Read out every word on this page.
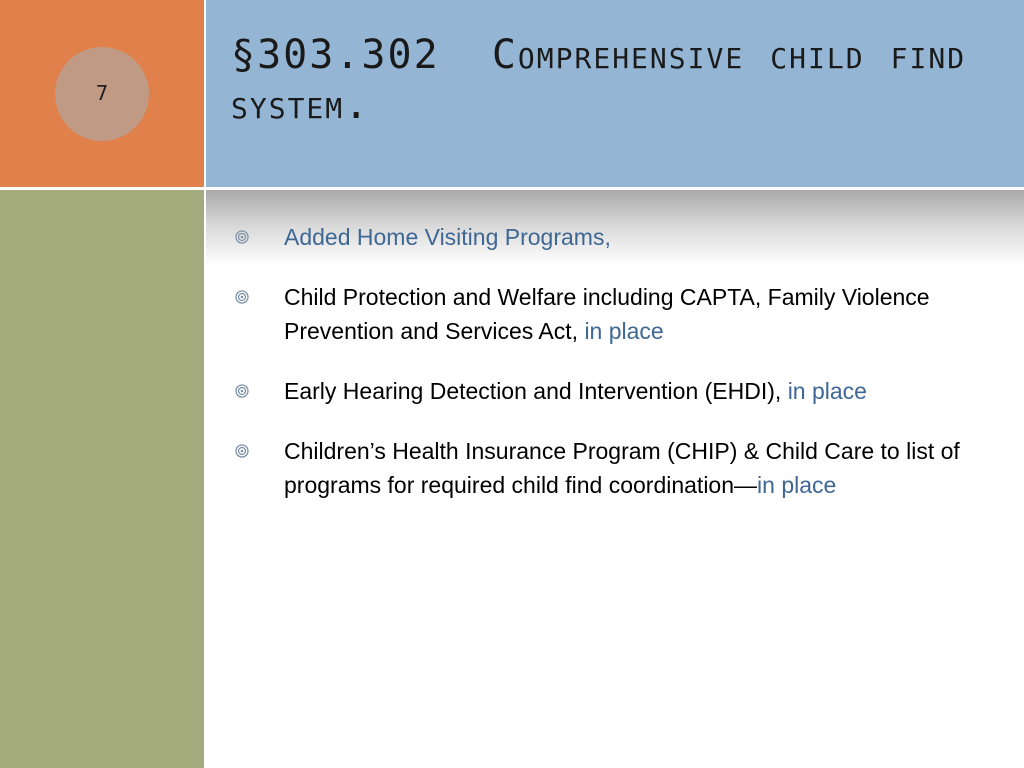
7
§303.302  Comprehensive child find system.
Added Home Visiting Programs,
Child Protection and Welfare including CAPTA, Family Violence Prevention and Services Act, in place
Early Hearing Detection and Intervention (EHDI), in place
Children’s Health Insurance Program (CHIP) & Child Care to list of programs for required child find coordination—in place
